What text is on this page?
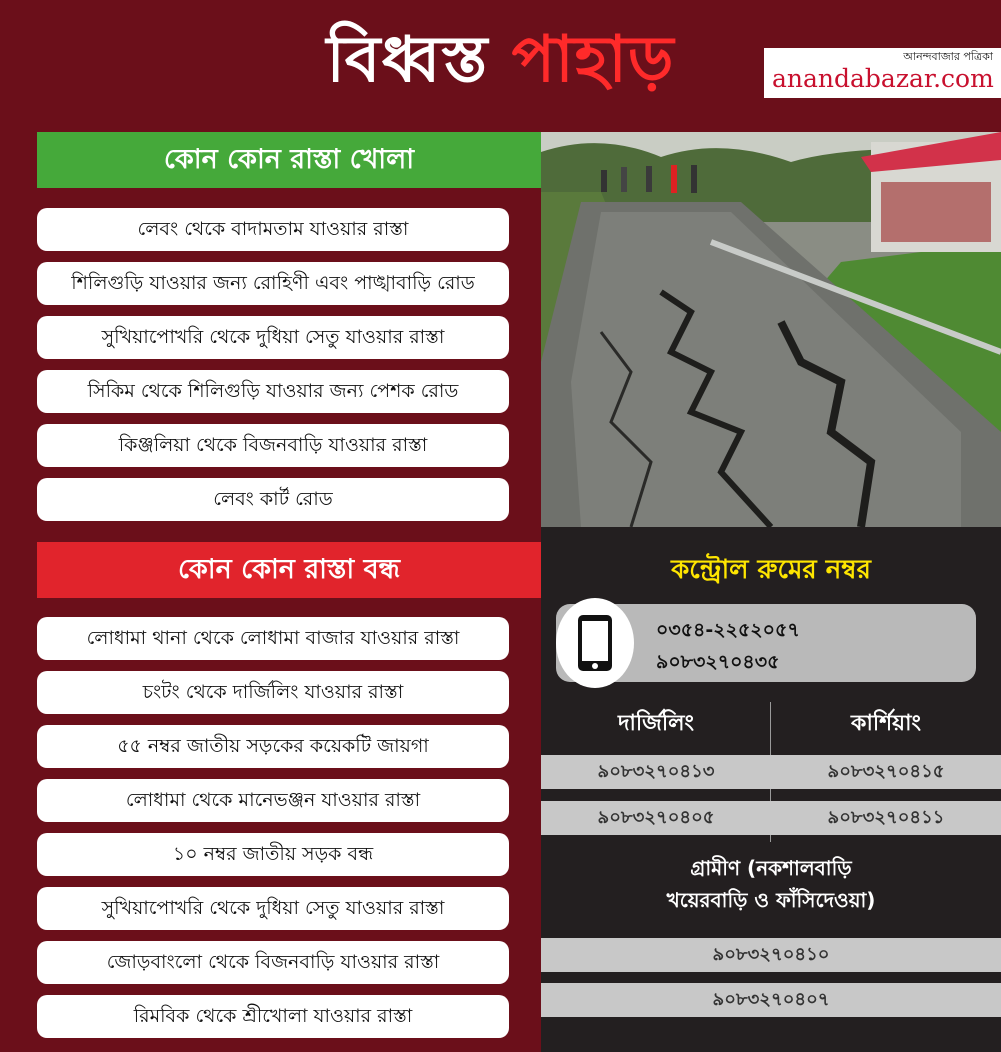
বিধ্বস্ত পাহাড়	আনন্দবাজার পত্রিকা
anandabazar.com
কোন কোন রাস্তা খোলা
লেবং থেকে বাদামতাম যাওয়ার রাস্তা
শিলিগুড়ি যাওয়ার জন্য রোহিণী এবং পাঙ্খাবাড়ি রোড
সুখিয়াপোখরি থেকে দুধিয়া সেতু যাওয়ার রাস্তা
সিকিম থেকে শিলিগুড়ি যাওয়ার জন্য পেশক রোড
কিঞ্জলিয়া থেকে বিজনবাড়ি যাওয়ার রাস্তা
লেবং কার্ট রোড
কোন কোন রাস্তা বন্ধ
লোধামা থানা থেকে লোধামা বাজার যাওয়ার রাস্তা
চংটং থেকে দার্জিলিং যাওয়ার রাস্তা
৫৫ নম্বর জাতীয় সড়কের কয়েকটি জায়গা
লোধামা থেকে মানেভঞ্জন যাওয়ার রাস্তা
১০ নম্বর জাতীয় সড়ক বন্ধ
সুখিয়াপোখরি থেকে দুধিয়া সেতু যাওয়ার রাস্তা
জোড়বাংলো থেকে বিজনবাড়ি যাওয়ার রাস্তা
রিমবিক থেকে শ্রীখোলা যাওয়ার রাস্তা
কন্ট্রোল রুমের নম্বর
০৩৫৪-২২৫২০৫৭
৯০৮৩২৭০৪৩৫
দার্জিলিং	কার্শিয়াং
৯০৮৩২৭০৪১৩	৯০৮৩২৭০৪১৫
৯০৮৩২৭০৪০৫	৯০৮৩২৭০৪১১
গ্রামীণ (নকশালবাড়ি
খয়েরবাড়ি ও ফাঁসিদেওয়া)
৯০৮৩২৭০৪১০
৯০৮৩২৭০৪০৭
